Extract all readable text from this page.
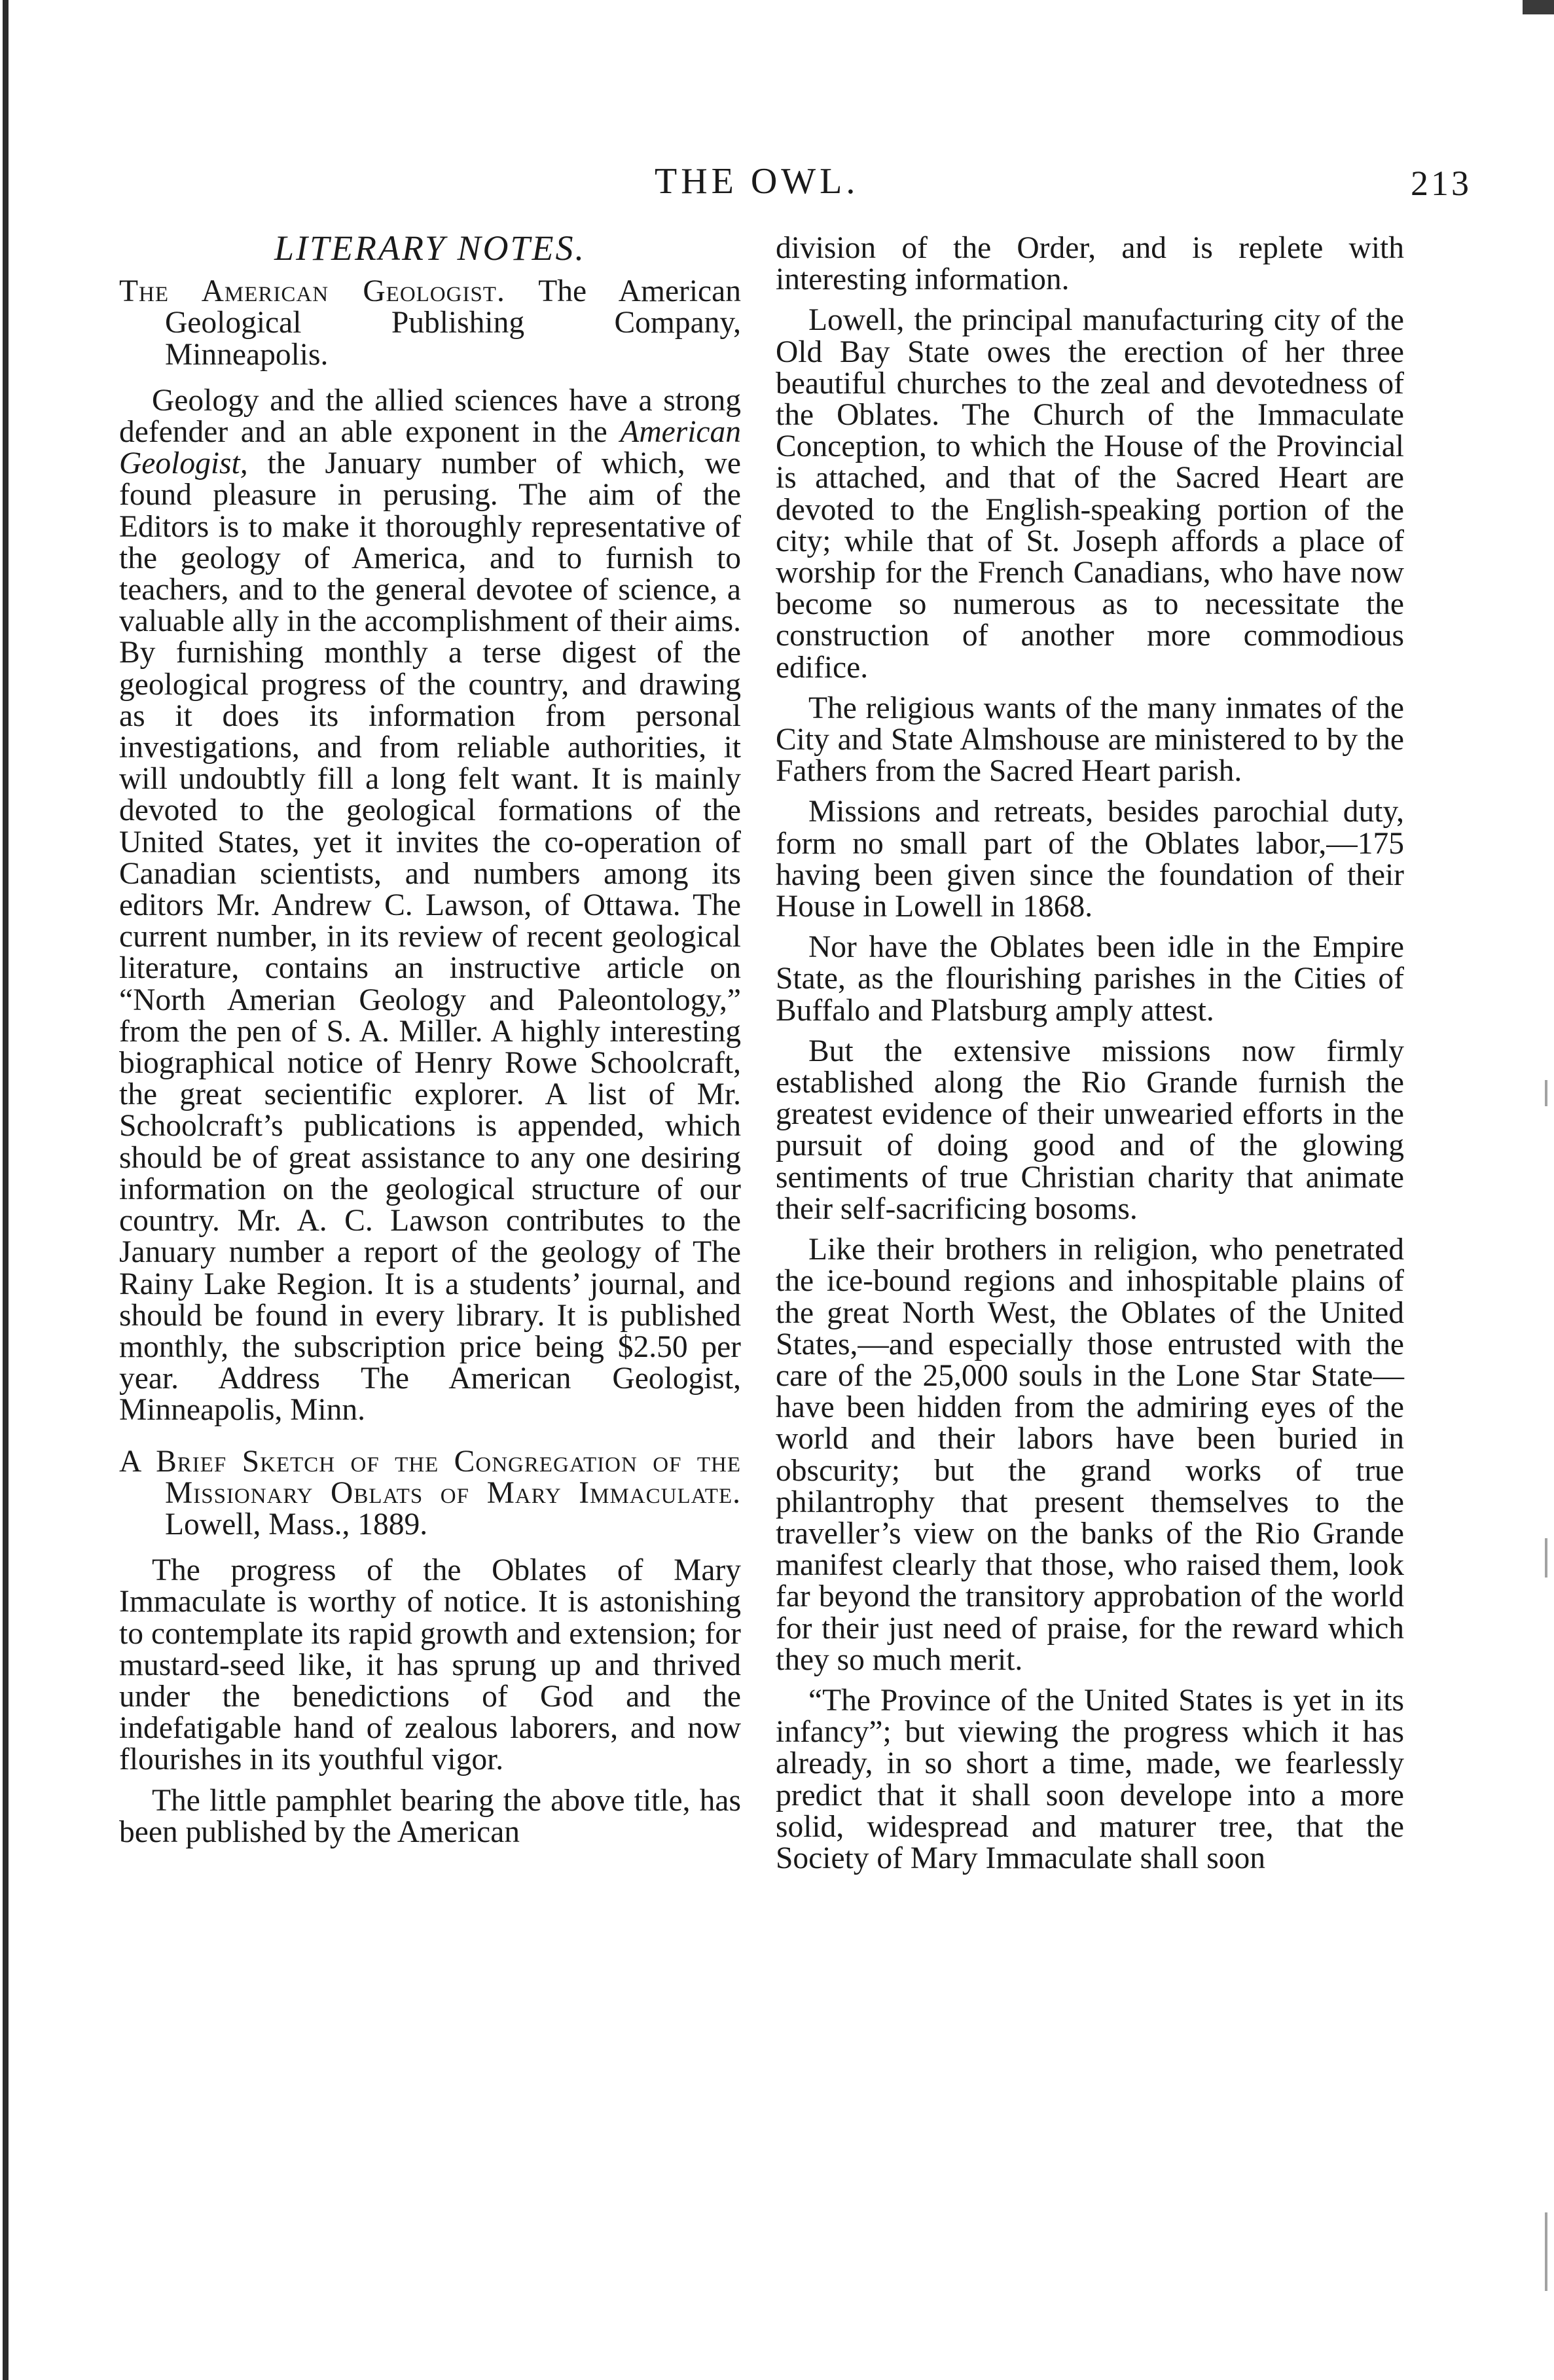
THE OWL.	213
LITERARY NOTES.

The American Geologist. The American Geological Publishing Company, Minneapolis.

Geology and the allied sciences have a strong defender and an able exponent in the American Geologist, the January number of which, we found pleasure in perusing. The aim of the Editors is to make it thoroughly representative of the geology of America, and to furnish to teachers, and to the general devotee of science, a valuable ally in the accomplishment of their aims. By furnishing monthly a terse digest of the geological progress of the country, and drawing as it does its information from personal investigations, and from reliable authorities, it will undoubtly fill a long felt want. It is mainly devoted to the geological formations of the United States, yet it invites the co-operation of Canadian scientists, and numbers among its editors Mr. Andrew C. Lawson, of Ottawa. The current number, in its review of recent geological literature, contains an instructive article on “North Amerian Geology and Paleontology,” from the pen of S. A. Miller. A highly interesting biographical notice of Henry Rowe Schoolcraft, the great secientific explorer. A list of Mr. Schoolcraft’s publications is appended, which should be of great assistance to any one desiring information on the geological structure of our country. Mr. A. C. Lawson contributes to the January number a report of the geology of The Rainy Lake Region. It is a students’ journal, and should be found in every library. It is published monthly, the subscription price being $2.50 per year. Address The American Geologist, Minneapolis, Minn.

A Brief Sketch of the Congregation of the Missionary Oblats of Mary Immaculate. Lowell, Mass., 1889.

The progress of the Oblates of Mary Immaculate is worthy of notice. It is astonishing to contemplate its rapid growth and extension; for mustard-seed like, it has sprung up and thrived under the benedictions of God and the indefatigable hand of zealous laborers, and now flourishes in its youthful vigor.

The little pamphlet bearing the above title, has been published by the American

division of the Order, and is replete with interesting information.

Lowell, the principal manufacturing city of the Old Bay State owes the erection of her three beautiful churches to the zeal and devotedness of the Oblates. The Church of the Immaculate Conception, to which the House of the Provincial is attached, and that of the Sacred Heart are devoted to the English-speaking portion of the city; while that of St. Joseph affords a place of worship for the French Canadians, who have now become so numerous as to necessitate the construction of another more commodious edifice.

The religious wants of the many inmates of the City and State Almshouse are ministered to by the Fathers from the Sacred Heart parish.

Missions and retreats, besides parochial duty, form no small part of the Oblates labor,—175 having been given since the foundation of their House in Lowell in 1868.

Nor have the Oblates been idle in the Empire State, as the flourishing parishes in the Cities of Buffalo and Platsburg amply attest.

But the extensive missions now firmly established along the Rio Grande furnish the greatest evidence of their unwearied efforts in the pursuit of doing good and of the glowing sentiments of true Christian charity that animate their self-sacrificing bosoms.

Like their brothers in religion, who penetrated the ice-bound regions and inhospitable plains of the great North West, the Oblates of the United States,—and especially those entrusted with the care of the 25,000 souls in the Lone Star State—have been hidden from the admiring eyes of the world and their labors have been buried in obscurity; but the grand works of true philantrophy that present themselves to the traveller’s view on the banks of the Rio Grande manifest clearly that those, who raised them, look far beyond the transitory approbation of the world for their just need of praise, for the reward which they so much merit.

“The Province of the United States is yet in its infancy”; but viewing the progress which it has already, in so short a time, made, we fearlessly predict that it shall soon develope into a more solid, widespread and maturer tree, that the Society of Mary Immaculate shall soon
